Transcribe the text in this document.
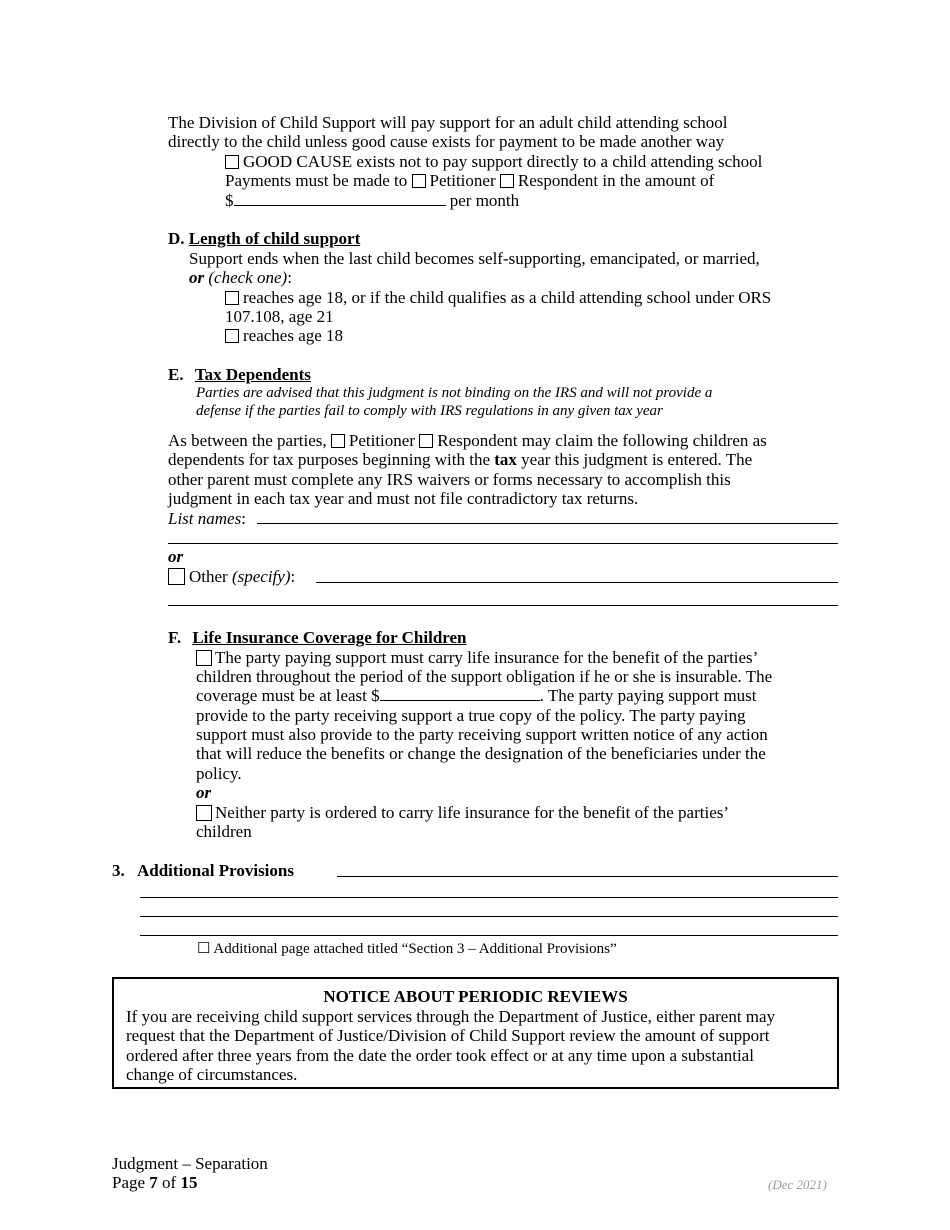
The Division of Child Support will pay support for an adult child attending school
directly to the child unless good cause exists for payment to be made another way
GOOD CAUSE exists not to pay support directly to a child attending school
Payments must be made to Petitioner Respondent in the amount of
$	per month
D. Length of child support
Support ends when the last child becomes self-supporting, emancipated, or married,
or (check one):
reaches age 18, or if the child qualifies as a child attending school under ORS
107.108, age 21
reaches age 18
E. Tax Dependents
Parties are advised that this judgment is not binding on the IRS and will not provide a
defense if the parties fail to comply with IRS regulations in any given tax year
As between the parties, Petitioner Respondent may claim the following children as
dependents for tax purposes beginning with the tax year this judgment is entered. The
other parent must complete any IRS waivers or forms necessary to accomplish this
judgment in each tax year and must not file contradictory tax returns.
List names:
or
Other (specify):
F. Life Insurance Coverage for Children
The party paying support must carry life insurance for the benefit of the parties’
children throughout the period of the support obligation if he or she is insurable. The
coverage must be at least $	. The party paying support must
provide to the party receiving support a true copy of the policy. The party paying
support must also provide to the party receiving support written notice of any action
that will reduce the benefits or change the designation of the beneficiaries under the
policy.
or
Neither party is ordered to carry life insurance for the benefit of the parties’
children
3. Additional Provisions
☐ Additional page attached titled “Section 3 – Additional Provisions”
NOTICE ABOUT PERIODIC REVIEWS
If you are receiving child support services through the Department of Justice, either parent may
request that the Department of Justice/Division of Child Support review the amount of support
ordered after three years from the date the order took effect or at any time upon a substantial
change of circumstances.
Judgment – Separation
Page 7 of 15	(Dec 2021)
